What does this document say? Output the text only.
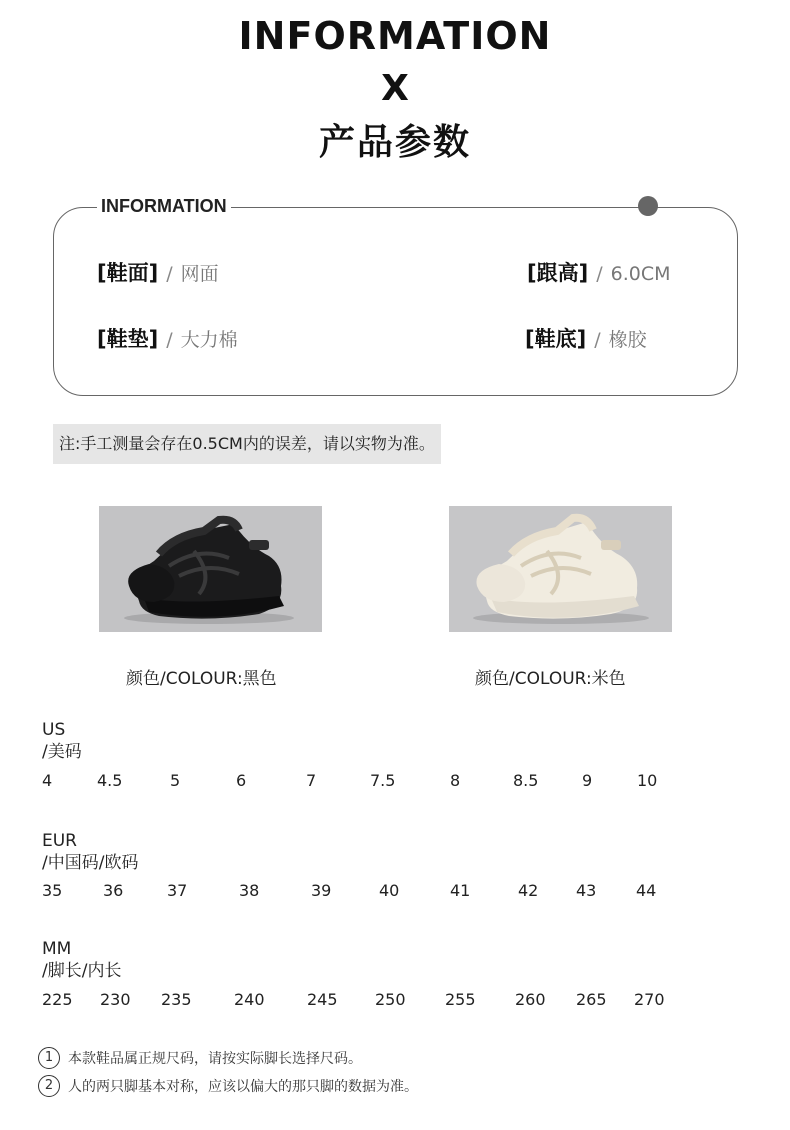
INFORMATION
X
产品参数
INFORMATION
[鞋面] / 网面	[跟高] / 6.0CM
[鞋垫] / 大力棉	[鞋底] / 橡胶
注:手工测量会存在0.5CM内的误差，请以实物为准。
颜色/COLOUR:黑色	颜色/COLOUR:米色
US
/美码
4	4.5	5	6	7	7.5	8	8.5	9	10
EUR
/中国码/欧码
35	36	37	38	39	40	41	42 43 44
MM
/脚长/内长
225 230 235	240	245 250 255 260 265 270
1	本款鞋品属正规尺码，请按实际脚长选择尺码。
2	人的两只脚基本对称，应该以偏大的那只脚的数据为准。
